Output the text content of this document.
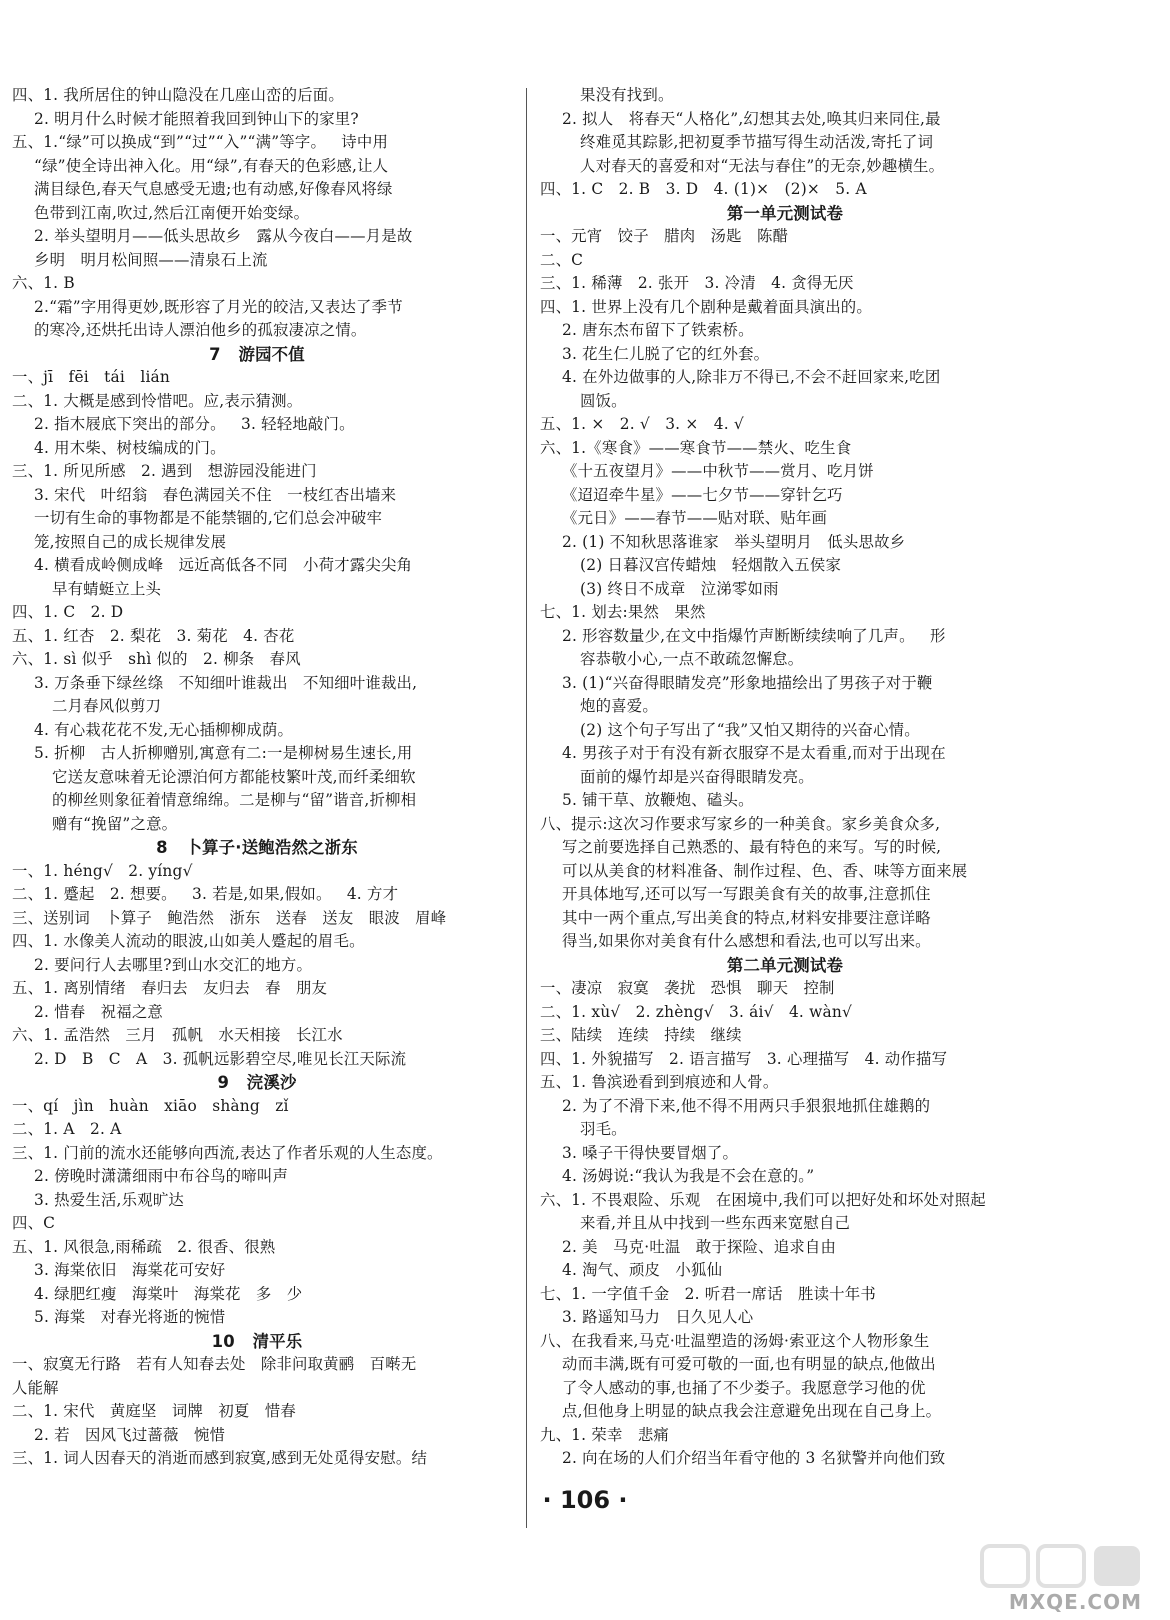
四、1. 我所居住的钟山隐没在几座山峦的后面。
2. 明月什么时候才能照着我回到钟山下的家里?
五、1.“绿”可以换成“到”“过”“入”“满”等字。   诗中用
“绿”使全诗出神入化。用“绿”,有春天的色彩感,让人
满目绿色,春天气息感受无遗;也有动感,好像春风将绿
色带到江南,吹过,然后江南便开始变绿。
2. 举头望明月——低头思故乡   露从今夜白——月是故
乡明   明月松间照——清泉石上流
六、1. B
2.“霜”字用得更妙,既形容了月光的皎洁,又表达了季节
的寒冷,还烘托出诗人漂泊他乡的孤寂凄凉之情。
7   游园不值
一、jī   fēi   tái   lián
二、1. 大概是感到怜惜吧。应,表示猜测。
2. 指木屐底下突出的部分。   3. 轻轻地敲门。
4. 用木柴、树枝编成的门。
三、1. 所见所感   2. 遇到   想游园没能进门
3. 宋代   叶绍翁   春色满园关不住   一枝红杏出墙来
一切有生命的事物都是不能禁锢的,它们总会冲破牢
笼,按照自己的成长规律发展
4. 横看成岭侧成峰   远近高低各不同   小荷才露尖尖角
早有蜻蜓立上头
四、1. C   2. D
五、1. 红杏   2. 梨花   3. 菊花   4. 杏花
六、1. sì 似乎   shì 似的   2. 柳条   春风
3. 万条垂下绿丝绦   不知细叶谁裁出   不知细叶谁裁出,
二月春风似剪刀
4. 有心栽花花不发,无心插柳柳成荫。
5. 折柳   古人折柳赠别,寓意有二:一是柳树易生速长,用
它送友意味着无论漂泊何方都能枝繁叶茂,而纤柔细软
的柳丝则象征着情意绵绵。二是柳与“留”谐音,折柳相
赠有“挽留”之意。
8   卜算子·送鲍浩然之浙东
一、1. héng√   2. yíng√
二、1. 蹙起   2. 想要。   3. 若是,如果,假如。   4. 方才
三、送别词   卜算子   鲍浩然   浙东   送春   送友   眼波   眉峰
四、1. 水像美人流动的眼波,山如美人蹙起的眉毛。
2. 要问行人去哪里?到山水交汇的地方。
五、1. 离别情绪   春归去   友归去   春   朋友
2. 惜春   祝福之意
六、1. 孟浩然   三月   孤帆   水天相接   长江水
2. D   B   C   A   3. 孤帆远影碧空尽,唯见长江天际流
9   浣溪沙
一、qí   jìn   huàn   xiāo   shàng   zǐ
二、1. A   2. A
三、1. 门前的流水还能够向西流,表达了作者乐观的人生态度。
2. 傍晚时潇潇细雨中布谷鸟的啼叫声
3. 热爱生活,乐观旷达
四、C
五、1. 风很急,雨稀疏   2. 很香、很熟
3. 海棠依旧   海棠花可安好
4. 绿肥红瘦   海棠叶   海棠花   多   少
5. 海棠   对春光将逝的惋惜
10   清平乐
一、寂寞无行路   若有人知春去处   除非问取黄鹂   百啭无
人能解
二、1. 宋代   黄庭坚   词牌   初夏   惜春
2. 若   因风飞过蔷薇   惋惜
三、1. 词人因春天的消逝而感到寂寞,感到无处觅得安慰。结
果没有找到。
2. 拟人   将春天“人格化”,幻想其去处,唤其归来同住,最
终难觅其踪影,把初夏季节描写得生动活泼,寄托了词
人对春天的喜爱和对“无法与春住”的无奈,妙趣横生。
四、1. C   2. B   3. D   4. (1)×   (2)×   5. A
第一单元测试卷
一、元宵   饺子   腊肉   汤匙   陈醋
二、C
三、1. 稀薄   2. 张开   3. 冷清   4. 贪得无厌
四、1. 世界上没有几个剧种是戴着面具演出的。
2. 唐东杰布留下了铁索桥。
3. 花生仁儿脱了它的红外套。
4. 在外边做事的人,除非万不得已,不会不赶回家来,吃团
圆饭。
五、1. ×   2. √   3. ×   4. √
六、1.《寒食》——寒食节——禁火、吃生食
《十五夜望月》——中秋节——赏月、吃月饼
《迢迢牵牛星》——七夕节——穿针乞巧
《元日》——春节——贴对联、贴年画
2. (1) 不知秋思落谁家   举头望明月   低头思故乡
(2) 日暮汉宫传蜡烛   轻烟散入五侯家
(3) 终日不成章   泣涕零如雨
七、1. 划去:果然   果然
2. 形容数量少,在文中指爆竹声断断续续响了几声。   形
容恭敬小心,一点不敢疏忽懈怠。
3. (1)“兴奋得眼睛发亮”形象地描绘出了男孩子对于鞭
炮的喜爱。
(2) 这个句子写出了“我”又怕又期待的兴奋心情。
4. 男孩子对于有没有新衣服穿不是太看重,而对于出现在
面前的爆竹却是兴奋得眼睛发亮。
5. 铺干草、放鞭炮、磕头。
八、提示:这次习作要求写家乡的一种美食。家乡美食众多,
写之前要选择自己熟悉的、最有特色的来写。写的时候,
可以从美食的材料准备、制作过程、色、香、味等方面来展
开具体地写,还可以写一写跟美食有关的故事,注意抓住
其中一两个重点,写出美食的特点,材料安排要注意详略
得当,如果你对美食有什么感想和看法,也可以写出来。
第二单元测试卷
一、凄凉   寂寞   袭扰   恐惧   聊天   控制
二、1. xù√   2. zhèng√   3. ái√   4. wàn√
三、陆续   连续   持续   继续
四、1. 外貌描写   2. 语言描写   3. 心理描写   4. 动作描写
五、1. 鲁滨逊看到到痕迹和人骨。
2. 为了不滑下来,他不得不用两只手狠狠地抓住雄鹅的
羽毛。
3. 嗓子干得快要冒烟了。
4. 汤姆说:“我认为我是不会在意的。”
六、1. 不畏艰险、乐观   在困境中,我们可以把好处和坏处对照起
来看,并且从中找到一些东西来宽慰自己
2. 美   马克·吐温   敢于探险、追求自由
4. 淘气、顽皮   小狐仙
七、1. 一字值千金   2. 听君一席话   胜读十年书
3. 路遥知马力   日久见人心
八、在我看来,马克·吐温塑造的汤姆·索亚这个人物形象生
动而丰满,既有可爱可敬的一面,也有明显的缺点,他做出
了令人感动的事,也捅了不少娄子。我愿意学习他的优
点,但他身上明显的缺点我会注意避免出现在自己身上。
九、1. 荣幸   悲痛
2. 向在场的人们介绍当年看守他的 3 名狱警并向他们致
· 106 ·
MXQE.COM
